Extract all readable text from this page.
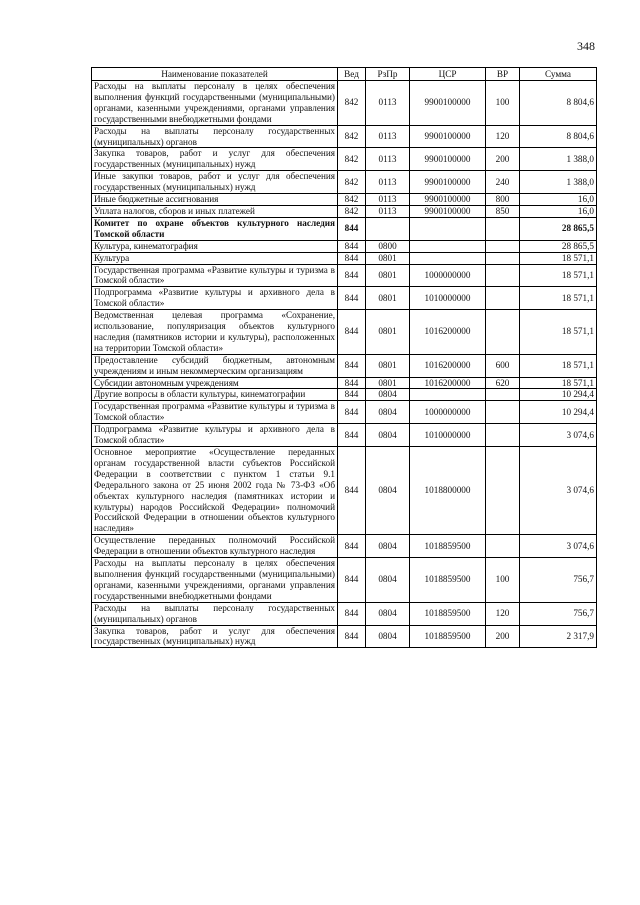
348
Наименование показателей	Вед	РзПр	ЦСР	ВР	Сумма
Расходы на выплаты персоналу в целях обеспечения выполнения функций государственными (муниципальными) органами, казенными учреждениями, органами управления государственными внебюджетными фондами	842	0113	9900100000	100	8 804,6
Расходы на выплаты персоналу государственных (муниципальных) органов	842	0113	9900100000	120	8 804,6
Закупка товаров, работ и услуг для обеспечения государственных (муниципальных) нужд	842	0113	9900100000	200	1 388,0
Иные закупки товаров, работ и услуг для обеспечения государственных (муниципальных) нужд	842	0113	9900100000	240	1 388,0
Иные бюджетные ассигнования	842	0113	9900100000	800	16,0
Уплата налогов, сборов и иных платежей	842	0113	9900100000	850	16,0
Комитет по охране объектов культурного наследия Томской области	844				28 865,5
Культура, кинематография	844	0800			28 865,5
Культура	844	0801			18 571,1
Государственная программа «Развитие культуры и туризма в Томской области»	844	0801	1000000000		18 571,1
Подпрограмма «Развитие культуры и архивного дела в Томской области»	844	0801	1010000000		18 571,1
Ведомственная целевая программа «Сохранение, использование, популяризация объектов культурного наследия (памятников истории и культуры), расположенных на территории Томской области»	844	0801	1016200000		18 571,1
Предоставление субсидий бюджетным, автономным учреждениям и иным некоммерческим организациям	844	0801	1016200000	600	18 571,1
Субсидии автономным учреждениям	844	0801	1016200000	620	18 571,1
Другие вопросы в области культуры, кинематографии	844	0804			10 294,4
Государственная программа «Развитие культуры и туризма в Томской области»	844	0804	1000000000		10 294,4
Подпрограмма «Развитие культуры и архивного дела в Томской области»	844	0804	1010000000		3 074,6
Основное мероприятие «Осуществление переданных органам государственной власти субъектов Российской Федерации в соответствии с пунктом 1 статьи 9.1 Федерального закона от 25 июня 2002 года № 73-ФЗ «Об объектах культурного наследия (памятниках истории и культуры) народов Российской Федерации» полномочий Российской Федерации в отношении объектов культурного наследия»	844	0804	1018800000		3 074,6
Осуществление переданных полномочий Российской Федерации в отношении объектов культурного наследия	844	0804	1018859500		3 074,6
Расходы на выплаты персоналу в целях обеспечения выполнения функций государственными (муниципальными) органами, казенными учреждениями, органами управления государственными внебюджетными фондами	844	0804	1018859500	100	756,7
Расходы на выплаты персоналу государственных (муниципальных) органов	844	0804	1018859500	120	756,7
Закупка товаров, работ и услуг для обеспечения государственных (муниципальных) нужд	844	0804	1018859500	200	2 317,9
